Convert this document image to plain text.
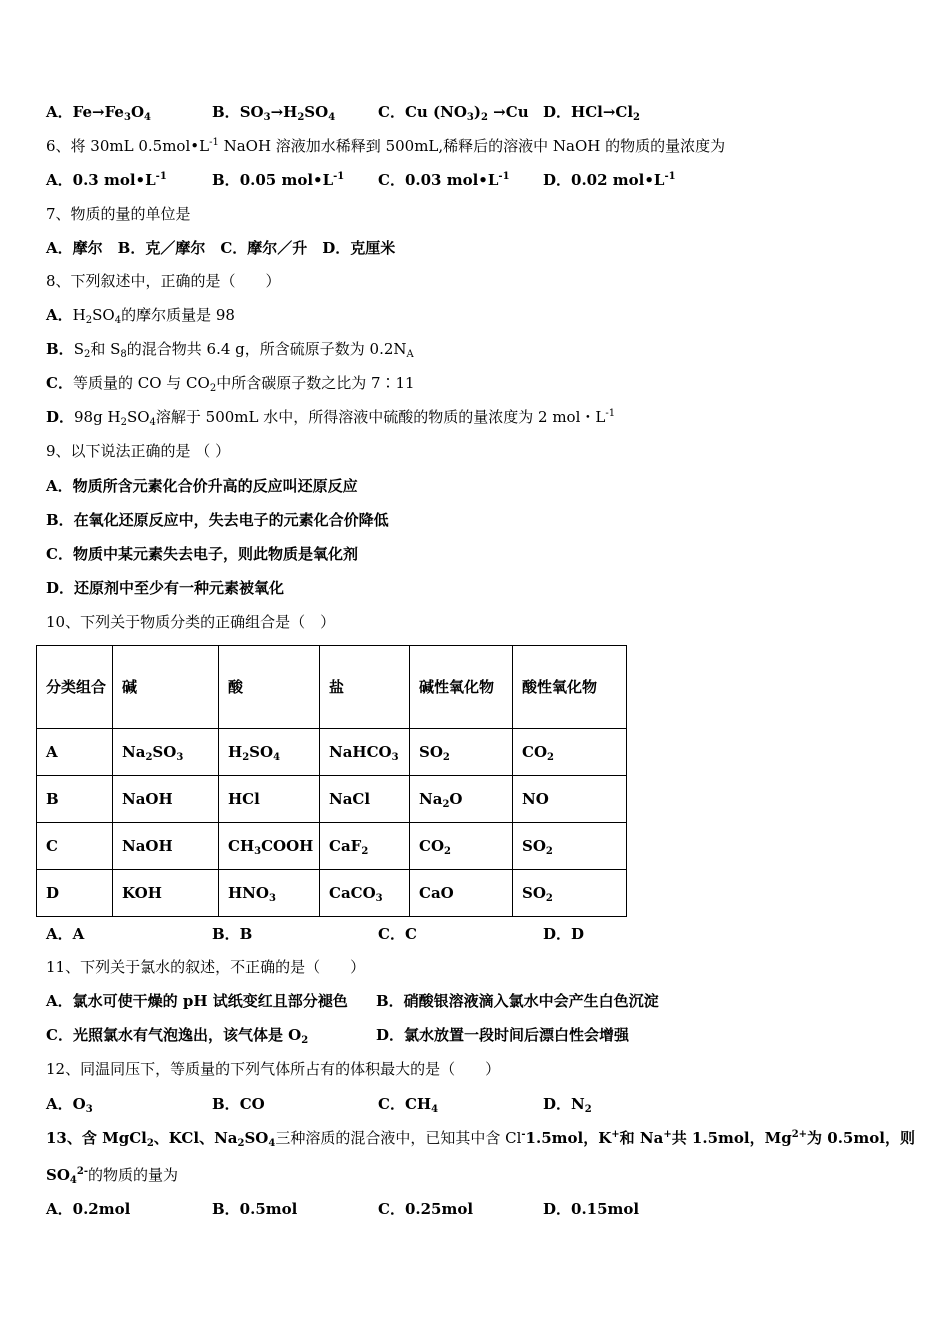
A．$Fe\to Fe_3O_4$	B．$SO_3\to H_2SO_4$	C．Cu $(NO_3)_2 \to Cu$ D．$HCl\to Cl_2$
6、将 30mL $0.5mol•L^{-1}$ NaOH 溶液加水稀释到 500mL,稀释后的溶液中 NaOH 的物质的量浓度为
A．0.3 $mol•L^{-1}$	B．0.05 $mol•L^{-1}$ C．0.03 $mol•L^{-1}$ D．0.02 $mol•L^{-1}$
7、物质的量的单位是
A．摩尔　B．克／摩尔　C．摩尔／升　D．克厘米
8、下列叙述中，正确的是（　　）
A．$H_2SO_4$的摩尔质量是 98
B．$S_2$和 $S_8$的混合物共 6.4 g，所含硫原子数为 $0.2N_A$
C．等质量的 CO 与 $CO_2$中所含碳原子数之比为 7∶11
D．98g $H_2SO_4$溶解于 500mL 水中，所得溶液中硫酸的物质的量浓度为 2 mol・$L^{-1}$
9、以下说法正确的是 （ ）
A．物质所含元素化合价升高的反应叫还原反应
B．在氧化还原反应中，失去电子的元素化合价降低
C．物质中某元素失去电子，则此物质是氧化剂
D．还原剂中至少有一种元素被氧化
10、下列关于物质分类的正确组合是（　）
分类组合	碱	酸	盐	碱性氧化物	酸性氧化物
A	$Na_2SO_3$	$H_2SO_4$	NaHCO$_3$	$SO_2$	$CO_2$
B	NaOH	HCl	NaCl	$Na_2O$	NO
C	NaOH	$CH_3COOH$	CaF$_2$	$CO_2$	$SO_2$
D	KOH	$HNO_3$	CaCO$_3$	CaO	$SO_2$
A．A	B．B	C．C	D．D
11、下列关于氯水的叙述，不正确的是（　　）
A．氯水可使干燥的 pH 试纸变红且部分褪色 B．硝酸银溶液滴入氯水中会产生白色沉淀
C．光照氯水有气泡逸出，该气体是 $O_2$	D．氯水放置一段时间后漂白性会增强
12、同温同压下，等质量的下列气体所占有的体积最大的是（　　）
A．$O_3$	B．CO	C．$CH_4$	D．$N_2$
13、含 MgCl$_2$、KCl、$Na_2SO_4$三种溶质的混合液中，已知其中含 Cl-1.5mol，K+和 Na+共 1.5mol，$Mg^{2+}$为 0.5mol，则
$SO_4^{2-}$的物质的量为
A．0.2mol	B．0.5mol	C．0.25mol	D．0.15mol
